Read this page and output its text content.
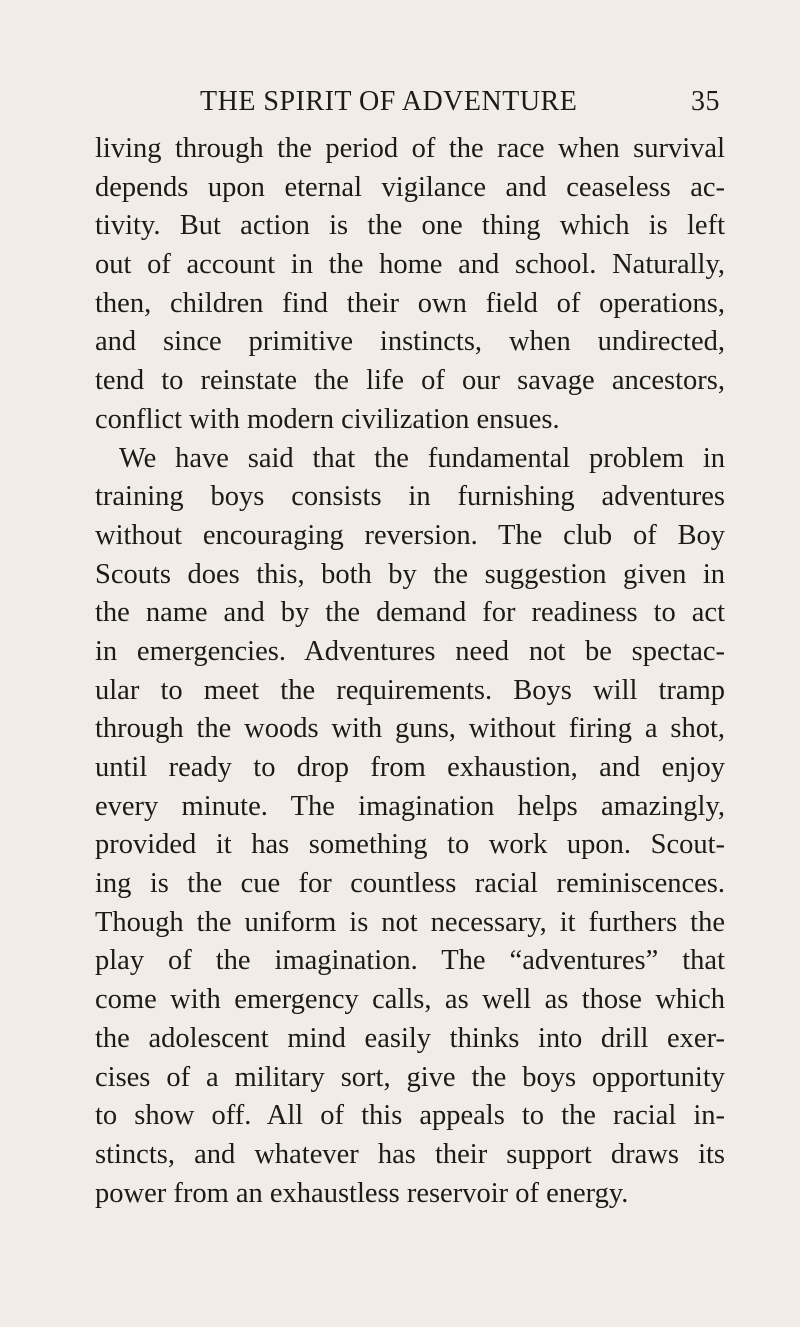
THE SPIRIT OF ADVENTURE	35
living through the period of the race when survival
depends upon eternal vigilance and ceaseless ac-
tivity. But action is the one thing which is left
out of account in the home and school. Naturally,
then, children find their own field of operations,
and since primitive instincts, when undirected,
tend to reinstate the life of our savage ancestors,
conflict with modern civilization ensues.
We have said that the fundamental problem in
training boys consists in furnishing adventures
without encouraging reversion. The club of Boy
Scouts does this, both by the suggestion given in
the name and by the demand for readiness to act
in emergencies. Adventures need not be spectac-
ular to meet the requirements. Boys will tramp
through the woods with guns, without firing a shot,
until ready to drop from exhaustion, and enjoy
every minute. The imagination helps amazingly,
provided it has something to work upon. Scout-
ing is the cue for countless racial reminiscences.
Though the uniform is not necessary, it furthers the
play of the imagination. The “adventures” that
come with emergency calls, as well as those which
the adolescent mind easily thinks into drill exer-
cises of a military sort, give the boys opportunity
to show off. All of this appeals to the racial in-
stincts, and whatever has their support draws its
power from an exhaustless reservoir of energy.
